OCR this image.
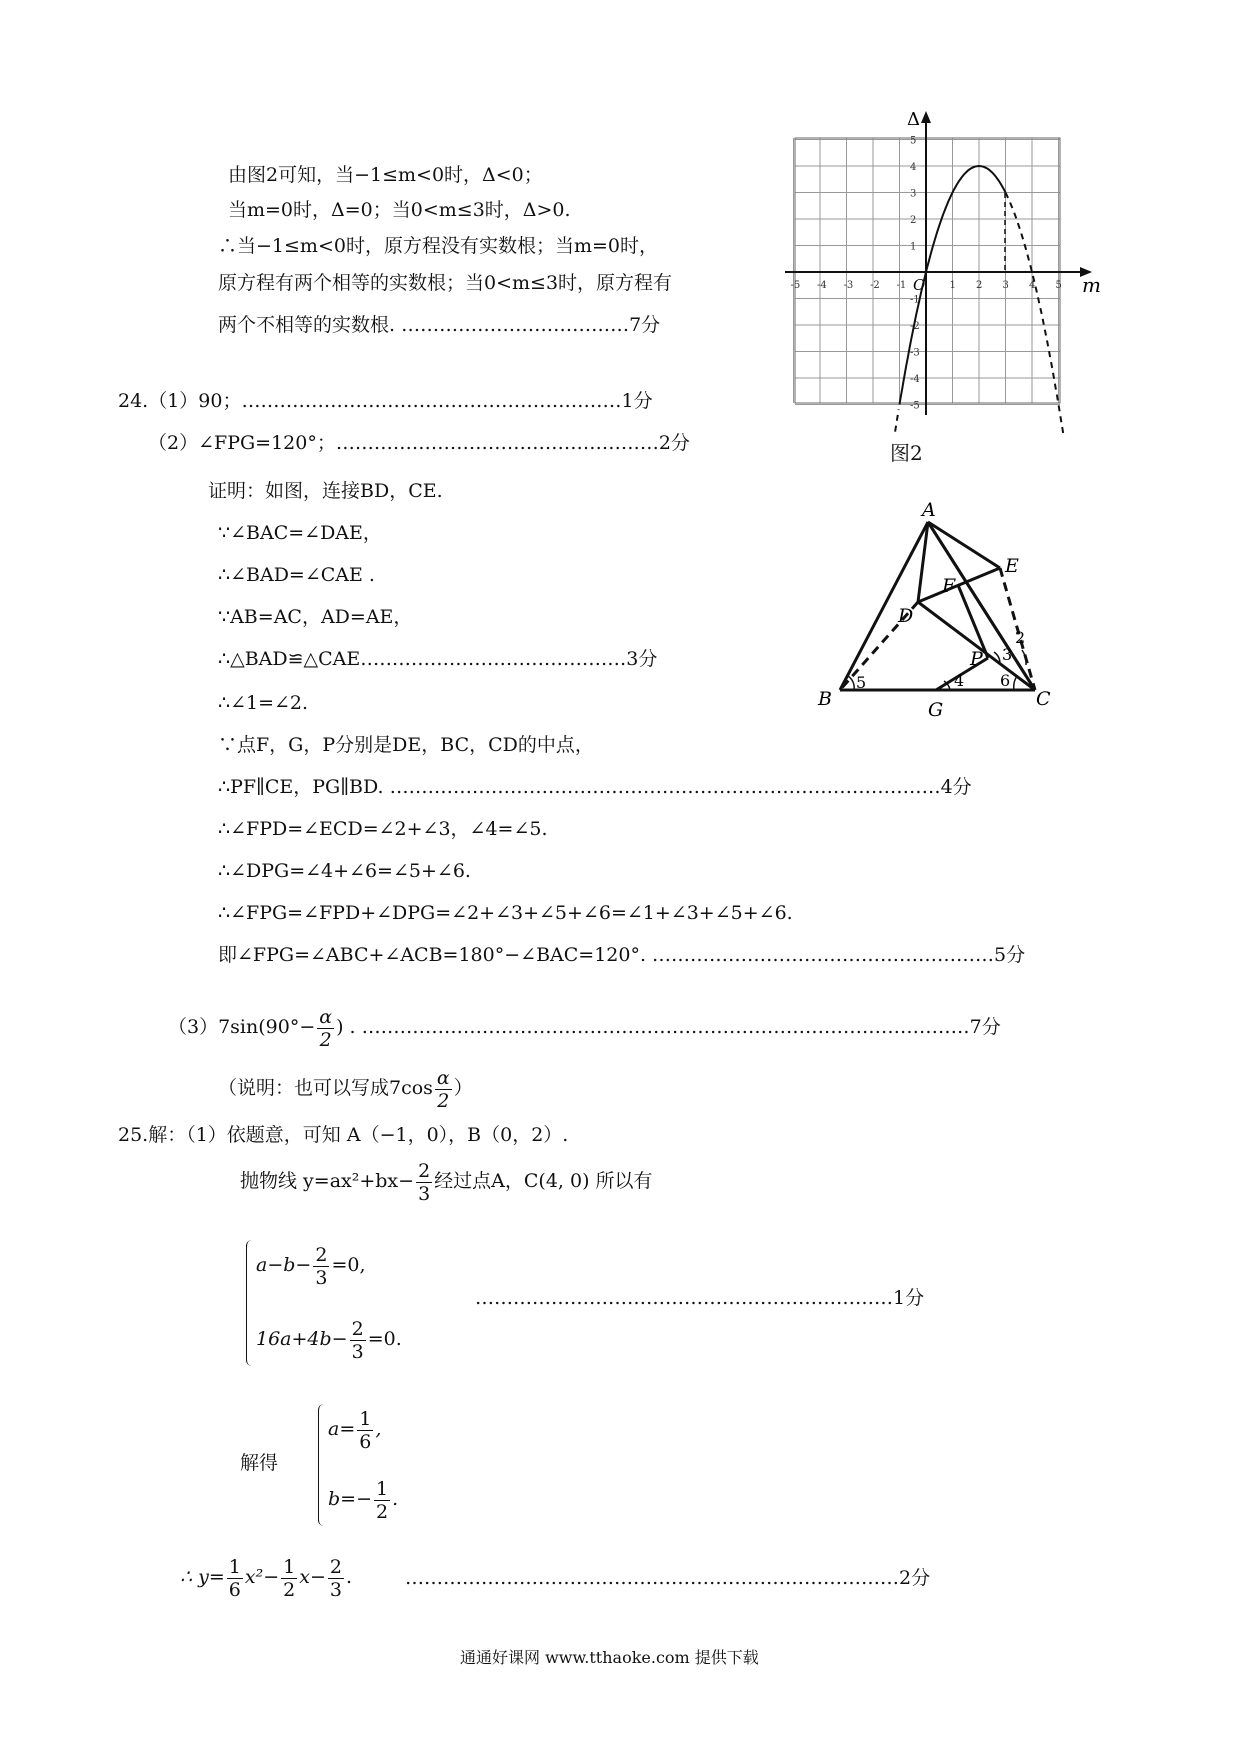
由图2可知，当−1≤m<0时，Δ<0；
当m=0时，Δ=0；当0<m≤3时，Δ>0.
∴当−1≤m<0时，原方程没有实数根；当m=0时，
原方程有两个相等的实数根；当0<m≤3时，原方程有
两个不相等的实数根. ………………………………7分
Δ
m
O
-5 -4 -3 -2 -1	1 2 3 4 5
5
4
3
2
1
-1
-2
-3
-4
-5
图2
24.（1）90；……………………………………………………1分
（2）∠FPG=120°；……………………………………………2分
证明：如图，连接BD，CE.
∵∠BAC=∠DAE，
∴∠BAD=∠CAE .
∵AB=AC，AD=AE，
∴△BAD≌△CAE……………………………………3分
∴∠1=∠2.
∵点F，G，P分别是DE，BC，CD的中点，
∴PF∥CE，PG∥BD. ……………………………………………………………………………4分
∴∠FPD=∠ECD=∠2+∠3，∠4=∠5.
∴∠DPG=∠4+∠6=∠5+∠6.
∴∠FPG=∠FPD+∠DPG=∠2+∠3+∠5+∠6=∠1+∠3+∠5+∠6.
即∠FPG=∠ABC+∠ACB=180°−∠BAC=120°. ………………………………………………5分
A
B	C
D
E
F
G
P
5	4 6
3
2
$(3)7\sin(90^\circ- \frac{\alpha}{2}$ ) . ……………………………………………………………………………………7分
（说明：也可以写成$7\cos \frac{\alpha}{2}$ ）
25.解：（1）依题意，可知 A（−1，0），B（0，2）.
抛物线 $y=ax^2+bx- \frac{2}{3}$ 经过点A，C(4, 0) 所以有
$a-b- \frac{2}{3} =0$,
$16a+4b- \frac{2}{3} =0$.
…………………………………………………………1分
解得
$a= \frac{1}{6}$ ,
$b=- \frac{1}{2}$ .
∴ $y= \frac{1}{6} x^2- \frac{1}{2} x- \frac{2}{3}$ .	……………………………………………………………………2分
通通好课网 www.tthaoke.com 提供下载
